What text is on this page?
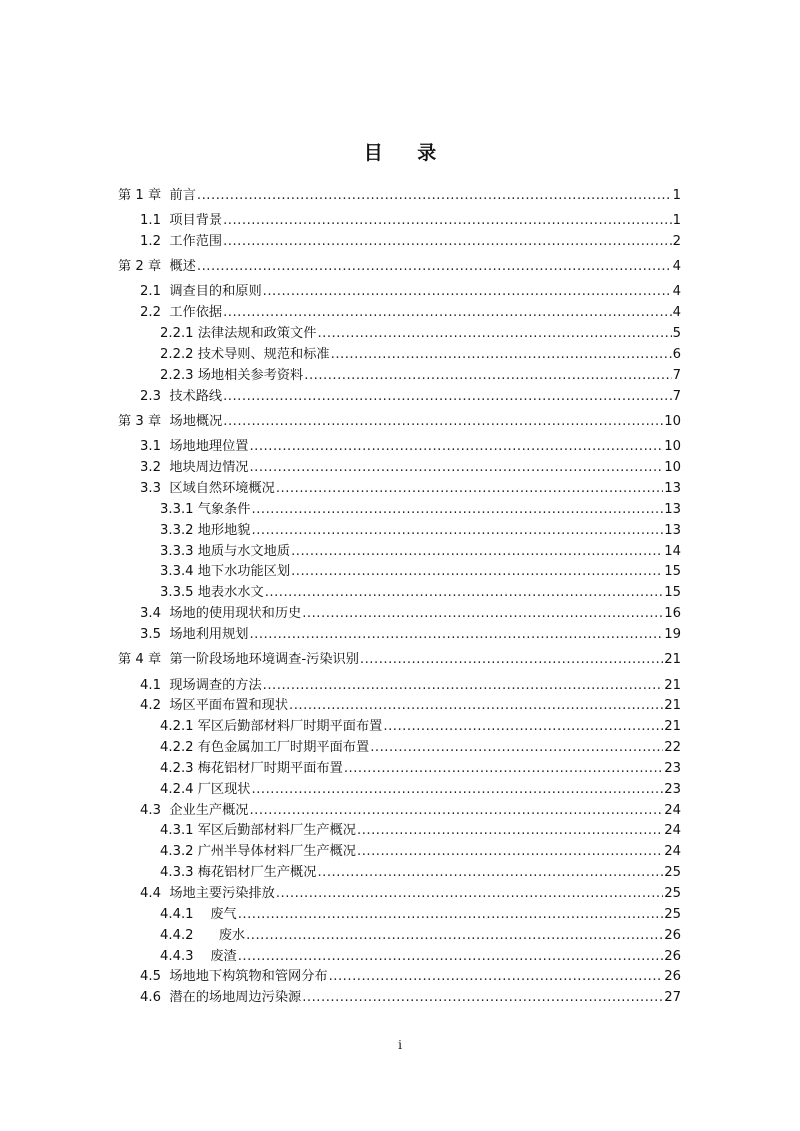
目 录
第 1 章  前言 .....	1
1.1  项目背景 .....	1
1.2  工作范围 .....	2
第 2 章  概述 .....	4
2.1  调查目的和原则 .....	4
2.2  工作依据 .....	4
2.2.1 法律法规和政策文件 .....	5
2.2.2 技术导则、规范和标准 .....	6
2.2.3 场地相关参考资料 .....	7
2.3  技术路线 .....	7
第 3 章  场地概况 .....	10
3.1  场地地理位置 .....	10
3.2  地块周边情况 .....	10
3.3  区域自然环境概况 .....	13
3.3.1 气象条件 .....	13
3.3.2 地形地貌 .....	13
3.3.3 地质与水文地质 .....	14
3.3.4 地下水功能区划 .....	15
3.3.5 地表水水文 .....	15
3.4  场地的使用现状和历史 .....	16
3.5  场地利用规划 .....	19
第 4 章  第一阶段场地环境调查-污染识别 .....	21
4.1  现场调查的方法 .....	21
4.2  场区平面布置和现状 .....	21
4.2.1 军区后勤部材料厂时期平面布置 .....	21
4.2.2 有色金属加工厂时期平面布置 .....	22
4.2.3 梅花铝材厂时期平面布置 .....	23
4.2.4 厂区现状 .....	23
4.3  企业生产概况 .....	24
4.3.1 军区后勤部材料厂生产概况 .....	24
4.3.2 广州半导体材料厂生产概况 .....	24
4.3.3 梅花铝材厂生产概况 .....	25
4.4  场地主要污染排放 .....	25
4.4.1    废气 .....	25
4.4.2      废水 .....	26
4.4.3    废渣 .....	26
4.5  场地地下构筑物和管网分布 .....	26
4.6  潜在的场地周边污染源 .....	27
i
